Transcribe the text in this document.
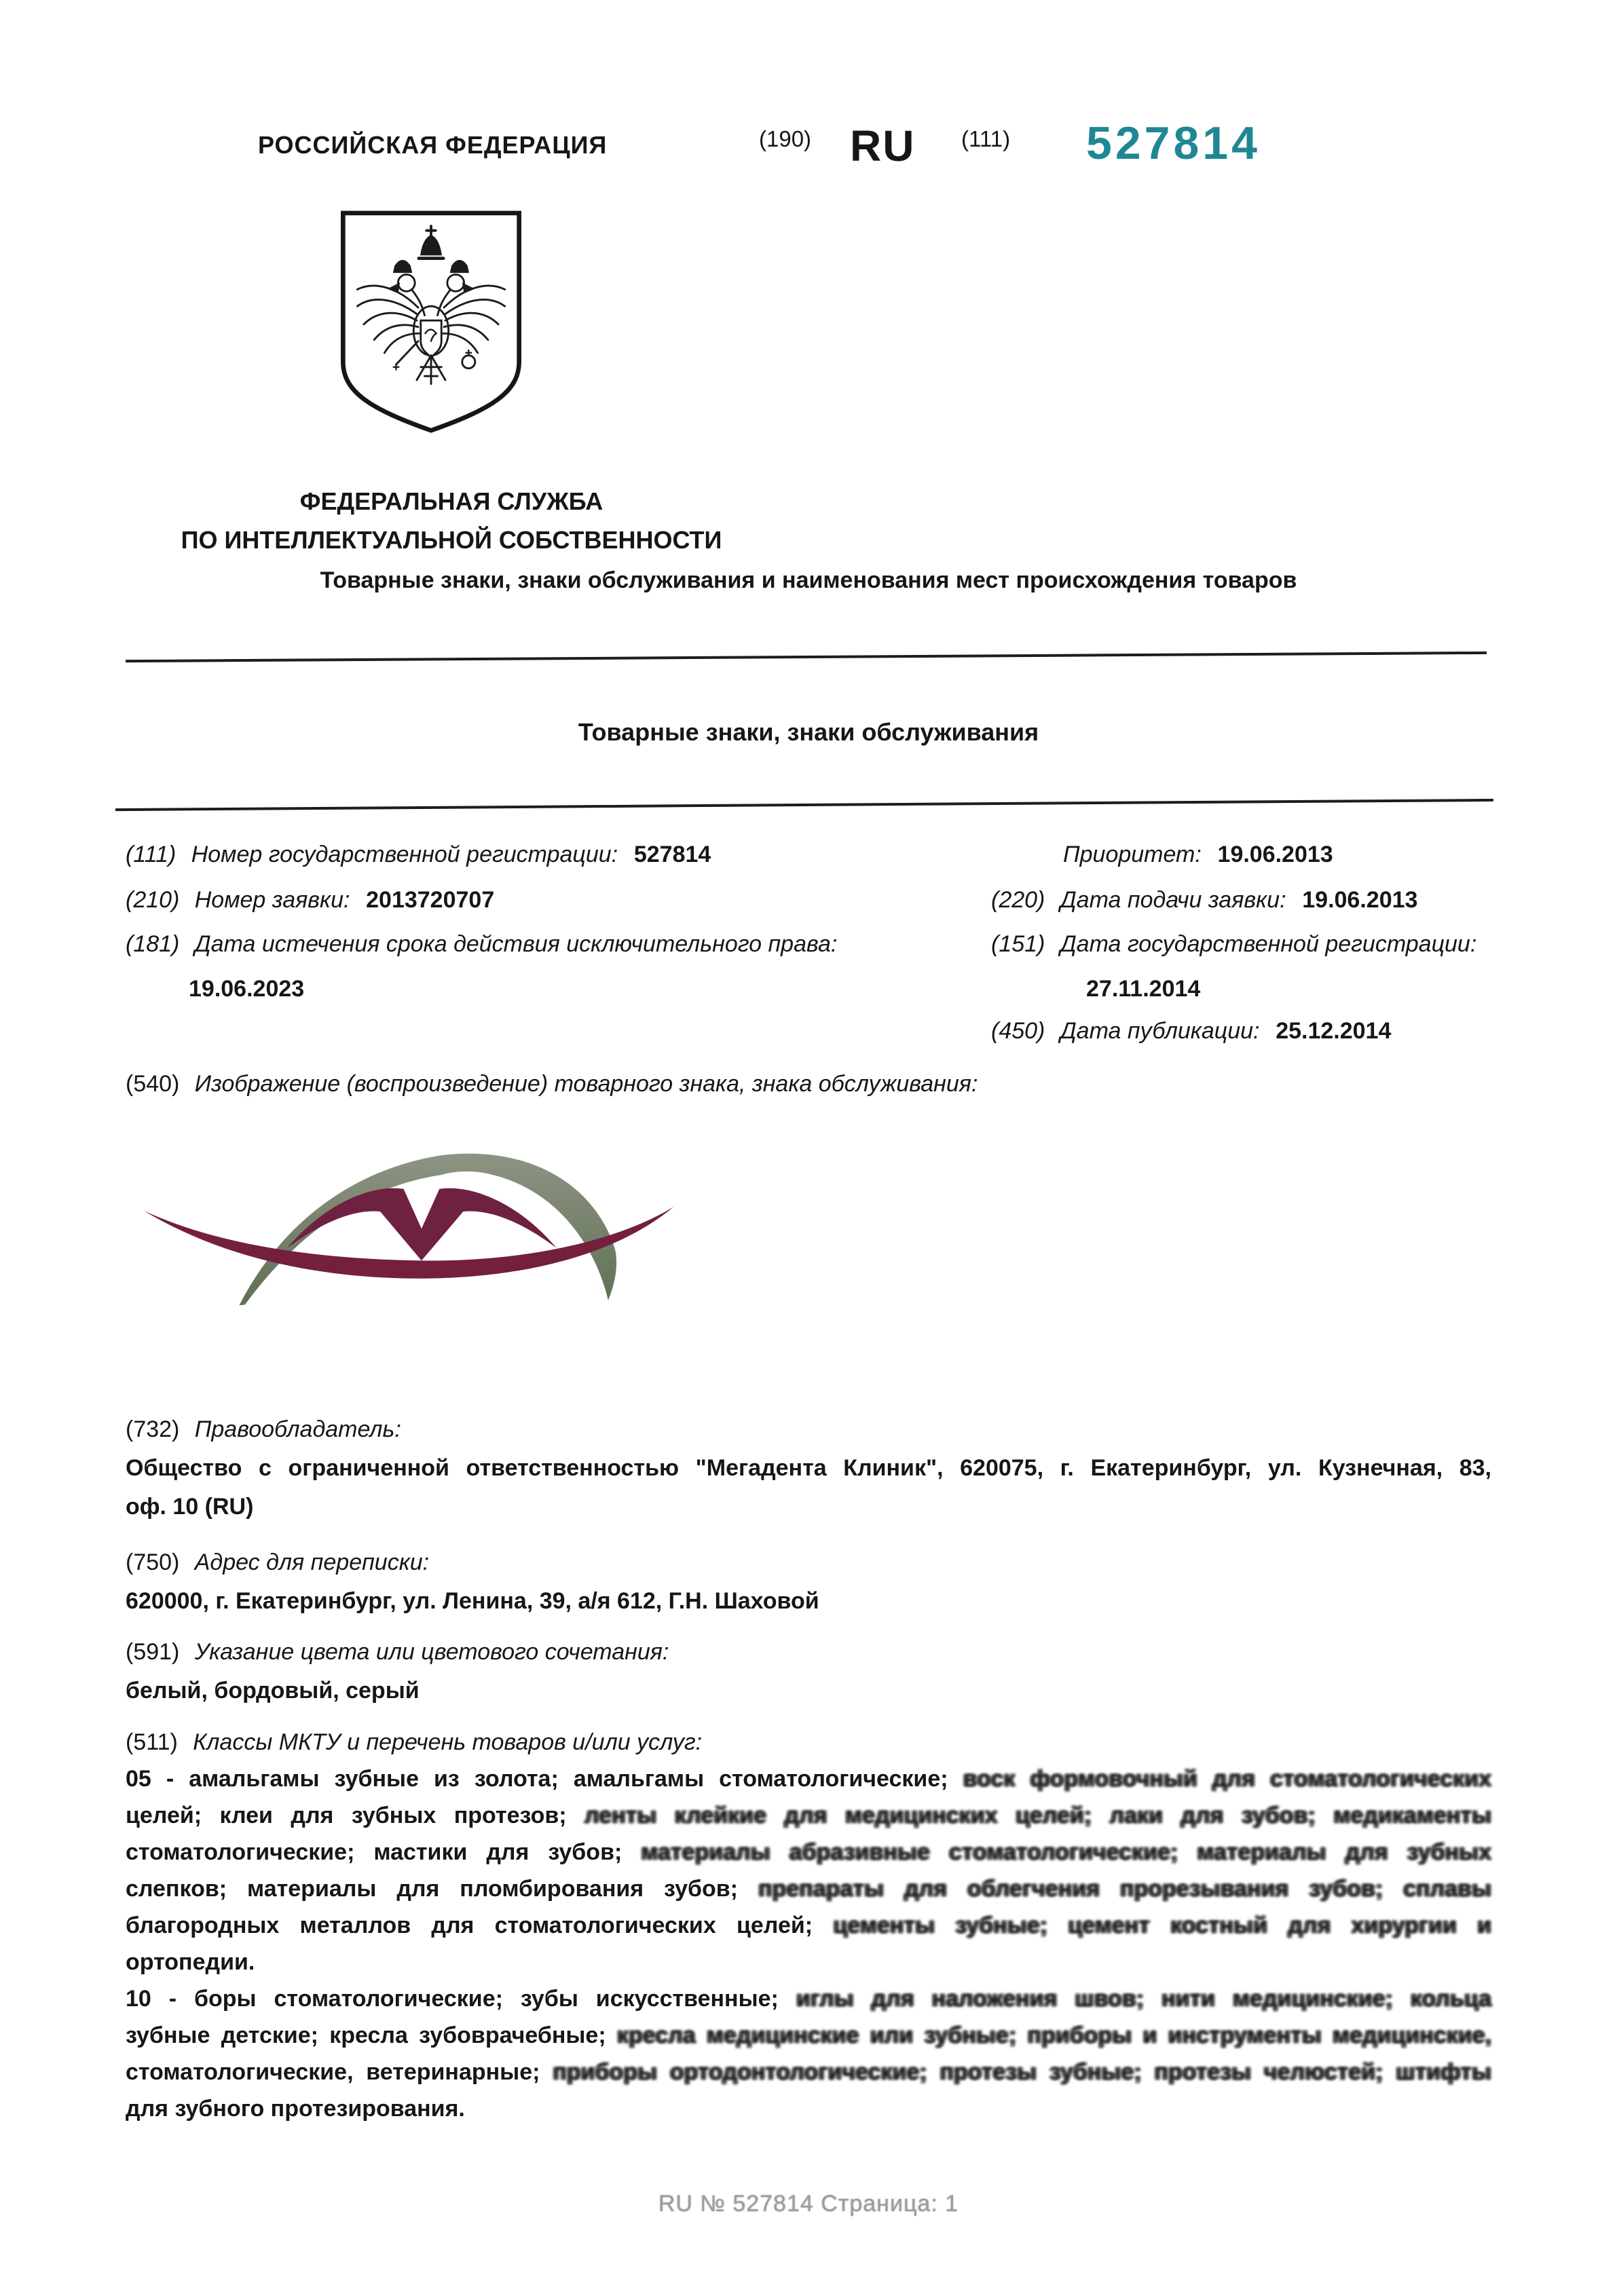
РОССИЙСКАЯ ФЕДЕРАЦИЯ	(190) RU (111) 527814
ФЕДЕРАЛЬНАЯ СЛУЖБА
ПО ИНТЕЛЛЕКТУАЛЬНОЙ СОБСТВЕННОСТИ
Товарные знаки, знаки обслуживания и наименования мест происхождения товаров
Товарные знаки, знаки обслуживания
(111) Номер государственной регистрации: 527814
(210) Номер заявки: 2013720707
(181) Дата истечения срока действия исключительного права:
19.06.2023
Приоритет: 19.06.2013
(220) Дата подачи заявки: 19.06.2013
(151) Дата государственной регистрации:
27.11.2014
(450) Дата публикации: 25.12.2014
(540) Изображение (воспроизведение) товарного знака, знака обслуживания:
(732) Правообладатель:
Общество с ограниченной ответственностью "Мегадента Клиник", 620075, г. Екатеринбург, ул. Кузнечная, 83,
оф. 10 (RU)
(750) Адрес для переписки:
620000, г. Екатеринбург, ул. Ленина, 39, а/я 612, Г.Н. Шаховой
(591) Указание цвета или цветового сочетания:
белый, бордовый, серый
(511) Классы МКТУ и перечень товаров и/или услуг:
05 - амальгамы зубные из золота; амальгамы стоматологические; воск формовочный для стоматологических
целей; клеи для зубных протезов; ленты клейкие для медицинских целей; лаки для зубов; медикаменты
стоматологические; мастики для зубов; материалы абразивные стоматологические; материалы для зубных
слепков; материалы для пломбирования зубов; препараты для облегчения прорезывания зубов; сплавы
благородных металлов для стоматологических целей; цементы зубные; цемент костный для хирургии и
ортопедии.
10 - боры стоматологические; зубы искусственные; иглы для наложения швов; нити медицинские; кольца
зубные детские; кресла зубоврачебные; кресла медицинские или зубные; приборы и инструменты медицинские,
стоматологические, ветеринарные; приборы ортодонтологические; протезы зубные; протезы челюстей; штифты
для зубного протезирования.
RU № 527814 Страница: 1
